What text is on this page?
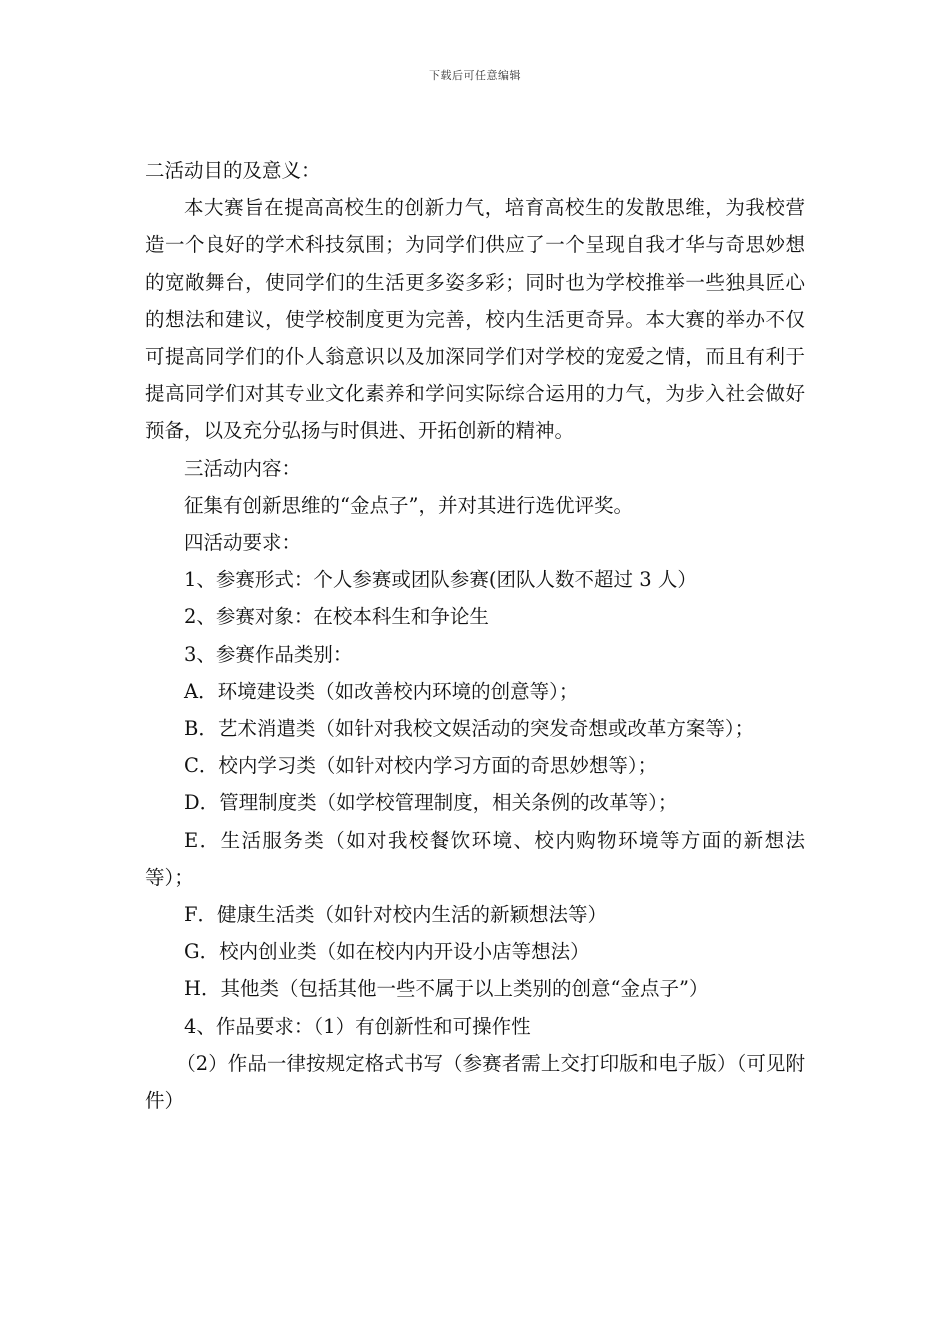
下载后可任意编辑

二活动目的及意义：

本大赛旨在提高高校生的创新力气，培育高校生的发散思维，为我校营造一个良好的学术科技氛围；为同学们供应了一个呈现自我才华与奇思妙想的宽敞舞台，使同学们的生活更多姿多彩；同时也为学校推举一些独具匠心的想法和建议，使学校制度更为完善，校内生活更奇异。本大赛的举办不仅可提高同学们的仆人翁意识以及加深同学们对学校的宠爱之情，而且有利于提高同学们对其专业文化素养和学问实际综合运用的力气，为步入社会做好预备，以及充分弘扬与时俱进、开拓创新的精神。

三活动内容：

征集有创新思维的“金点子”，并对其进行选优评奖。

四活动要求：

1、参赛形式：个人参赛或团队参赛(团队人数不超过 3 人）

2、参赛对象：在校本科生和争论生

3、参赛作品类别：

A．环境建设类（如改善校内环境的创意等）；

B．艺术消遣类（如针对我校文娱活动的突发奇想或改革方案等）；

C．校内学习类（如针对校内学习方面的奇思妙想等）；

D．管理制度类（如学校管理制度，相关条例的改革等）；

E．生活服务类（如对我校餐饮环境、校内购物环境等方面的新想法等）；

F．健康生活类（如针对校内生活的新颖想法等）

G．校内创业类（如在校内内开设小店等想法）

H．其他类（包括其他一些不属于以上类别的创意“金点子”）

4、作品要求：（1）有创新性和可操作性

（2）作品一律按规定格式书写（参赛者需上交打印版和电子版）（可见附件）
